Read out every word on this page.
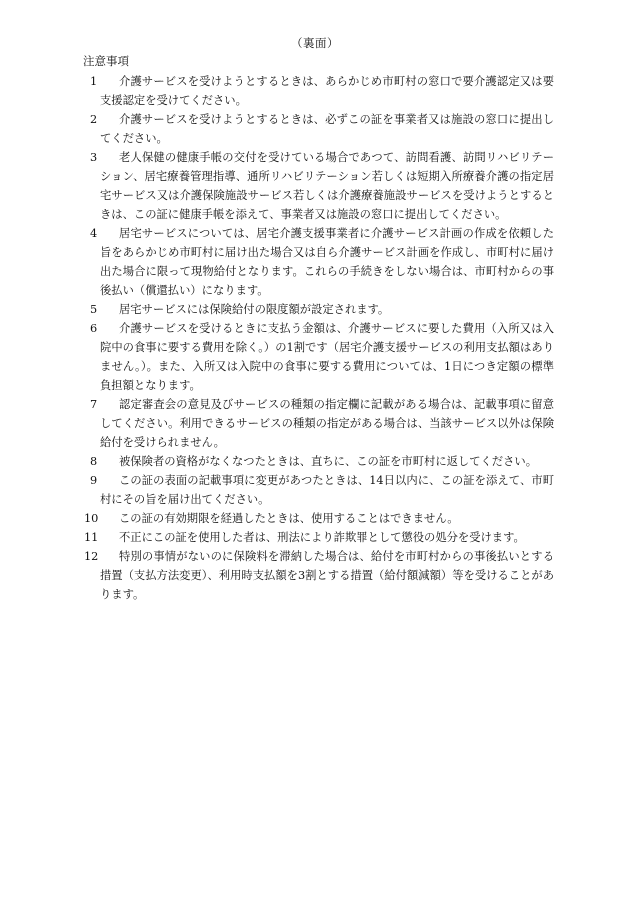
（裏面）
注意事項
1	介護サービスを受けようとするときは、あらかじめ市町村の窓口で要介護認定又は要支援認定を受けてください。
2	介護サービスを受けようとするときは、必ずこの証を事業者又は施設の窓口に提出してください。
3	老人保健の健康手帳の交付を受けている場合であつて、訪問看護、訪問リハビリテーション、居宅療養管理指導、通所リハビリテーション若しくは短期入所療養介護の指定居宅サービス又は介護保険施設サービス若しくは介護療養施設サービスを受けようとするときは、この証に健康手帳を添えて、事業者又は施設の窓口に提出してください。
4	居宅サービスについては、居宅介護支援事業者に介護サービス計画の作成を依頼した旨をあらかじめ市町村に届け出た場合又は自ら介護サービス計画を作成し、市町村に届け出た場合に限って現物給付となります。これらの手続きをしない場合は、市町村からの事後払い（償還払い）になります。
5	居宅サービスには保険給付の限度額が設定されます。
6	介護サービスを受けるときに支払う金額は、介護サービスに要した費用（入所又は入院中の食事に要する費用を除く。）の1割です（居宅介護支援サービスの利用支払額はありません。）。また、入所又は入院中の食事に要する費用については、1日につき定額の標準負担額となります。
7	認定審査会の意見及びサービスの種類の指定欄に記載がある場合は、記載事項に留意してください。利用できるサービスの種類の指定がある場合は、当該サービス以外は保険給付を受けられません。
8	被保険者の資格がなくなつたときは、直ちに、この証を市町村に返してください。
9	この証の表面の記載事項に変更があつたときは、14日以内に、この証を添えて、市町村にその旨を届け出てください。
10	この証の有効期限を経過したときは、使用することはできません。
11	不正にこの証を使用した者は、刑法により詐欺罪として懲役の処分を受けます。
12	特別の事情がないのに保険料を滞納した場合は、給付を市町村からの事後払いとする措置（支払方法変更）、利用時支払額を3割とする措置（給付額減額）等を受けることがあります。
